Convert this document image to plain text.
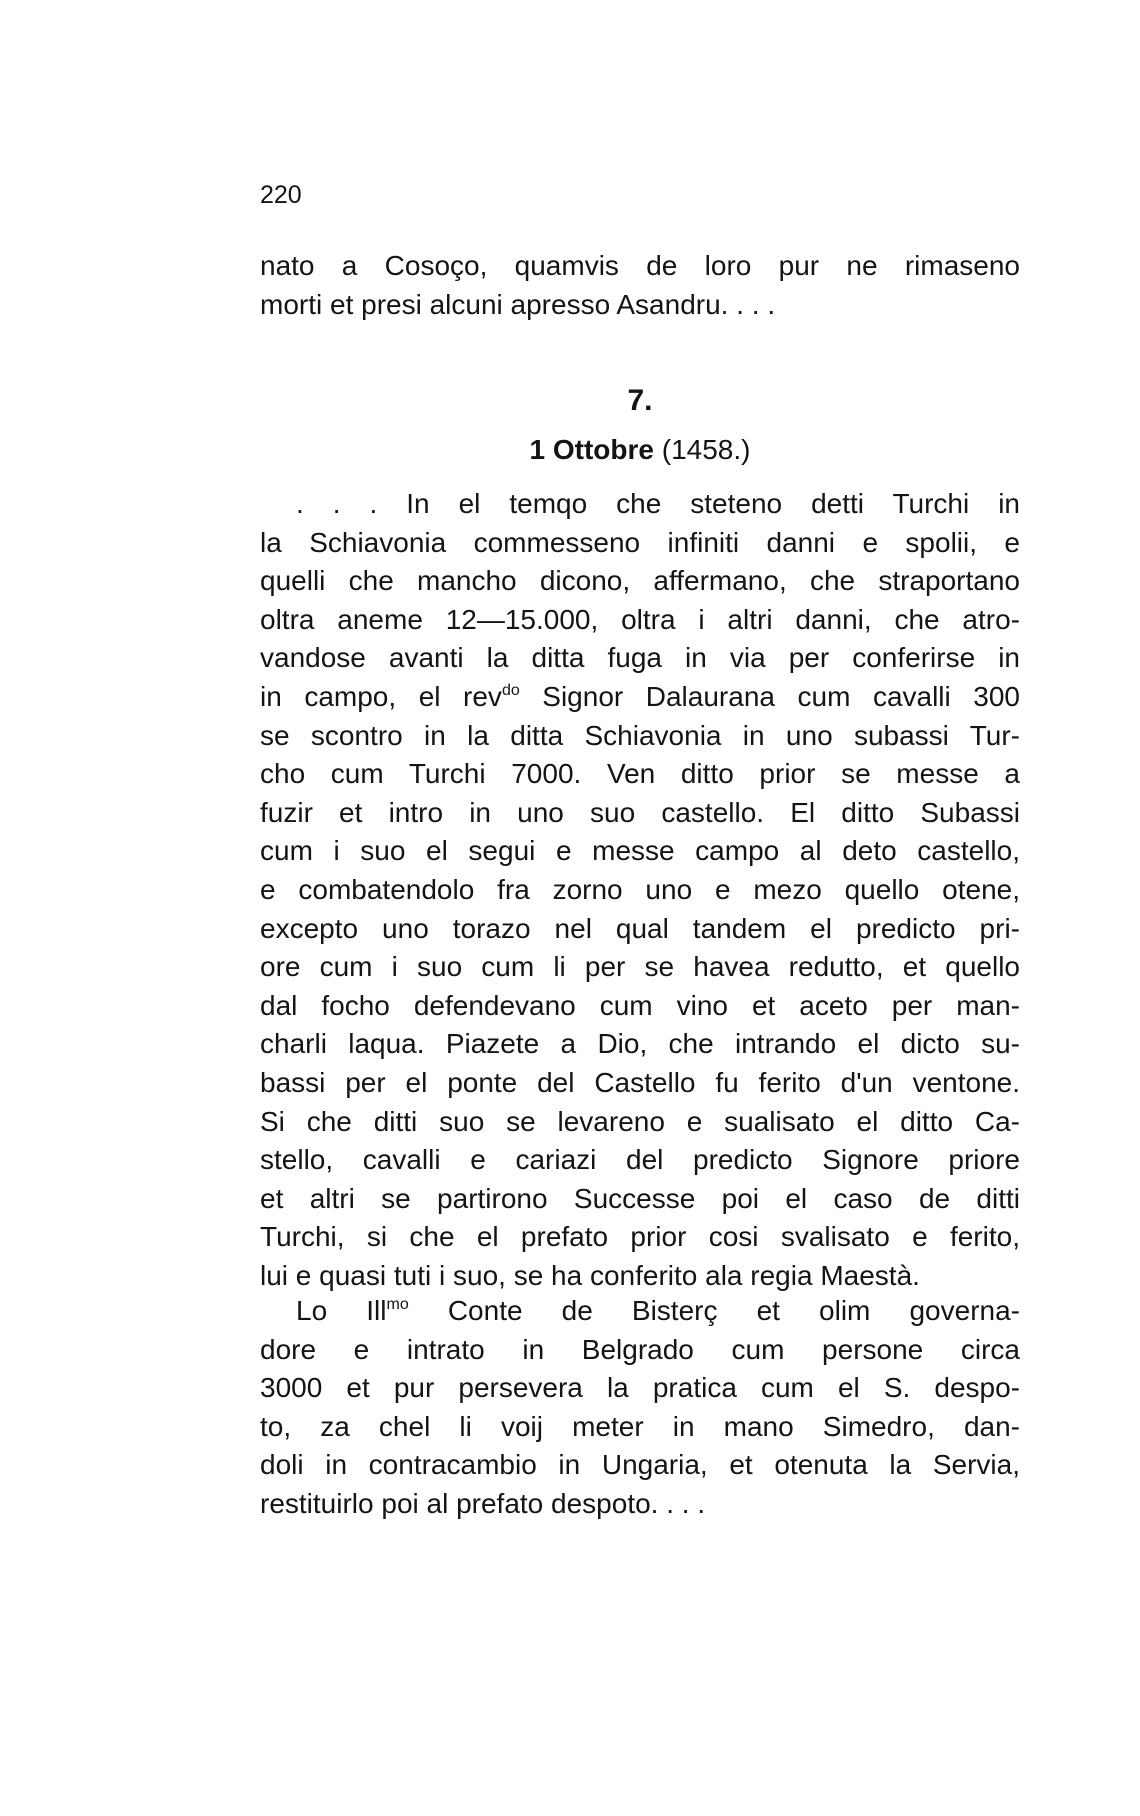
220
nato a Cosoço, quamvis de loro pur ne rimaseno
morti et presi alcuni apresso Asandru. . . .
7.
1 Ottobre (1458.)
. . . In el temqo che steteno detti Turchi in
la Schiavonia commesseno infiniti danni e spolii, e
quelli che mancho dicono, affermano, che straportano
oltra aneme 12—15.000, oltra i altri danni, che atro-
vandose avanti la ditta fuga in via per conferirse in
in campo, el rev$^{do}$ Signor Dalaurana cum cavalli 300
se scontro in la ditta Schiavonia in uno subassi Tur-
cho cum Turchi 7000. Ven ditto prior se messe a
fuzir et intro in uno suo castello. El ditto Subassi
cum i suo el segui e messe campo al deto castello,
e combatendolo fra zorno uno e mezo quello otene,
excepto uno torazo nel qual tandem el predicto pri-
ore cum i suo cum li per se havea redutto, et quello
dal focho defendevano cum vino et aceto per man-
charli laqua. Piazete a Dio, che intrando el dicto su-
bassi per el ponte del Castello fu ferito d'un ventone.
Si che ditti suo se levareno e sualisato el ditto Ca-
stello, cavalli e cariazi del predicto Signore priore
et altri se partirono Successe poi el caso de ditti
Turchi, si che el prefato prior cosi svalisato e ferito,
lui e quasi tuti i suo, se ha conferito ala regia Maestà.
Lo Ill$^{mo}$ Conte de Bisterç et olim governa-
dore e intrato in Belgrado cum persone circa
3000 et pur persevera la pratica cum el S. despo-
to, za chel li voij meter in mano Simedro, dan-
doli in contracambio in Ungaria, et otenuta la Servia,
restituirlo poi al prefato despoto. . . .
